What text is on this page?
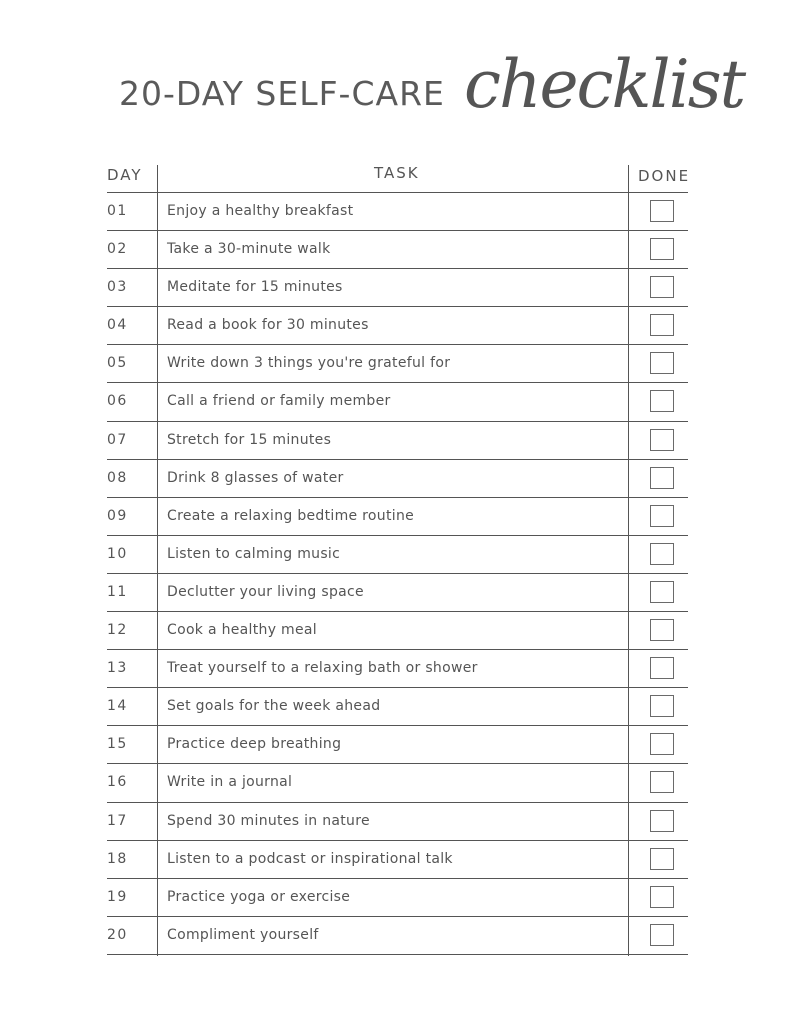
20-DAY SELF-CARE checklist
DAY	TASK	DONE
01	Enjoy a healthy breakfast
02	Take a 30-minute walk
03	Meditate for 15 minutes
04	Read a book for 30 minutes
05	Write down 3 things you're grateful for
06	Call a friend or family member
07	Stretch for 15 minutes
08	Drink 8 glasses of water
09	Create a relaxing bedtime routine
10	Listen to calming music
11	Declutter your living space
12	Cook a healthy meal
13	Treat yourself to a relaxing bath or shower
14	Set goals for the week ahead
15	Practice deep breathing
16	Write in a journal
17	Spend 30 minutes in nature
18	Listen to a podcast or inspirational talk
19	Practice yoga or exercise
20	Compliment yourself
